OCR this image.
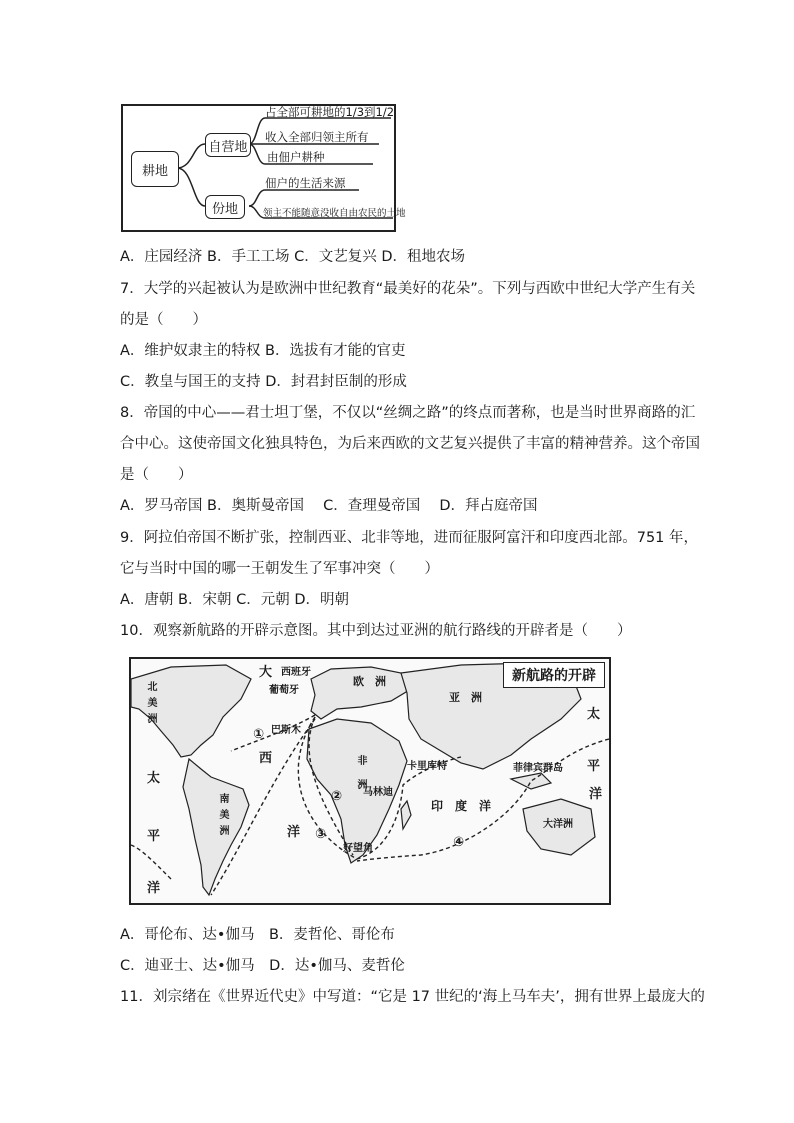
耕地
自营地
份地
占全部可耕地的1/3到1/2
收入全部归领主所有
由佃户耕种
佃户的生活来源
领主不能随意没收自由农民的土地
A．庄园经济 B．手工工场 C．文艺复兴 D．租地农场
7．大学的兴起被认为是欧洲中世纪教育“最美好的花朵”。下列与西欧中世纪大学产生有关
的是（　　）
A．维护奴隶主的特权 B．选拔有才能的官吏
C．教皇与国王的支持 D．封君封臣制的形成
8．帝国的中心——君士坦丁堡，不仅以“丝绸之路”的终点而著称，也是当时世界商路的汇
合中心。这使帝国文化独具特色，为后来西欧的文艺复兴提供了丰富的精神营养。这个帝国
是（　　）
A．罗马帝国 B．奥斯曼帝国　 C．查理曼帝国　 D．拜占庭帝国
9．阿拉伯帝国不断扩张，控制西亚、北非等地，进而征服阿富汗和印度西北部。751 年，
它与当时中国的哪一王朝发生了军事冲突（　　）
A．唐朝 B．宋朝 C．元朝 D．明朝
10．观察新航路的开辟示意图。其中到达过亚洲的航行路线的开辟者是（　　）
新航路的开辟
北美洲
南美洲
大
西
洋
太
平
洋
太
平
洋
欧　洲
亚　洲
非洲
印　度　洋
大洋洲
西班牙
葡萄牙
巴斯木
卡里库特
马林迪
好望角
菲律宾群岛
①
②
③
④
A．哥伦布、达•伽马　B．麦哲伦、哥伦布
C．迪亚士、达•伽马　D．达•伽马、麦哲伦
11．刘宗绪在《世界近代史》中写道：“它是 17 世纪的‘海上马车夫’，拥有世界上最庞大的
